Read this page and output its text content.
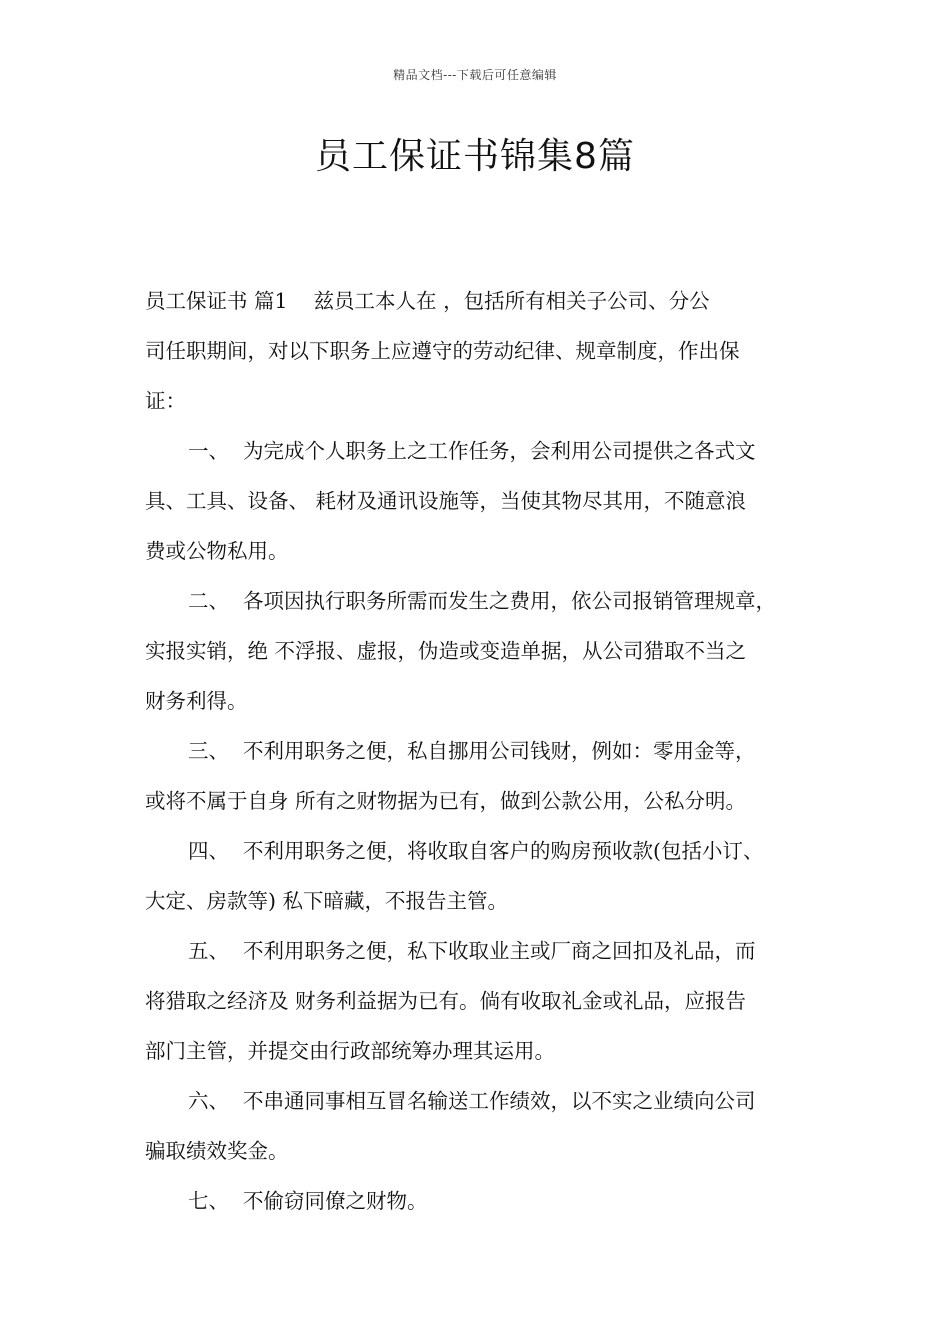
精品文档---下载后可任意编辑
员工保证书锦集8篇

员工保证书 篇1 兹员工本人在 ，包括所有相关子公司、分公
司任职期间，对以下职务上应遵守的劳动纪律、规章制度，作出保
证：

一、 为完成个人职务上之工作任务，会利用公司提供之各式文
具、工具、设备、 耗材及通讯设施等，当使其物尽其用，不随意浪
费或公物私用。

二、 各项因执行职务所需而发生之费用，依公司报销管理规章，
实报实销，绝 不浮报、虚报，伪造或变造单据，从公司猎取不当之
财务利得。

三、 不利用职务之便，私自挪用公司钱财，例如：零用金等，
或将不属于自身 所有之财物据为已有，做到公款公用，公私分明。

四、 不利用职务之便，将收取自客户的购房预收款(包括小订、
大定、房款等) 私下暗藏，不报告主管。

五、 不利用职务之便，私下收取业主或厂商之回扣及礼品，而
将猎取之经济及 财务利益据为已有。倘有收取礼金或礼品，应报告
部门主管，并提交由行政部统筹办理其运用。

六、 不串通同事相互冒名输送工作绩效，以不实之业绩向公司
骗取绩效奖金。

七、 不偷窃同僚之财物。
